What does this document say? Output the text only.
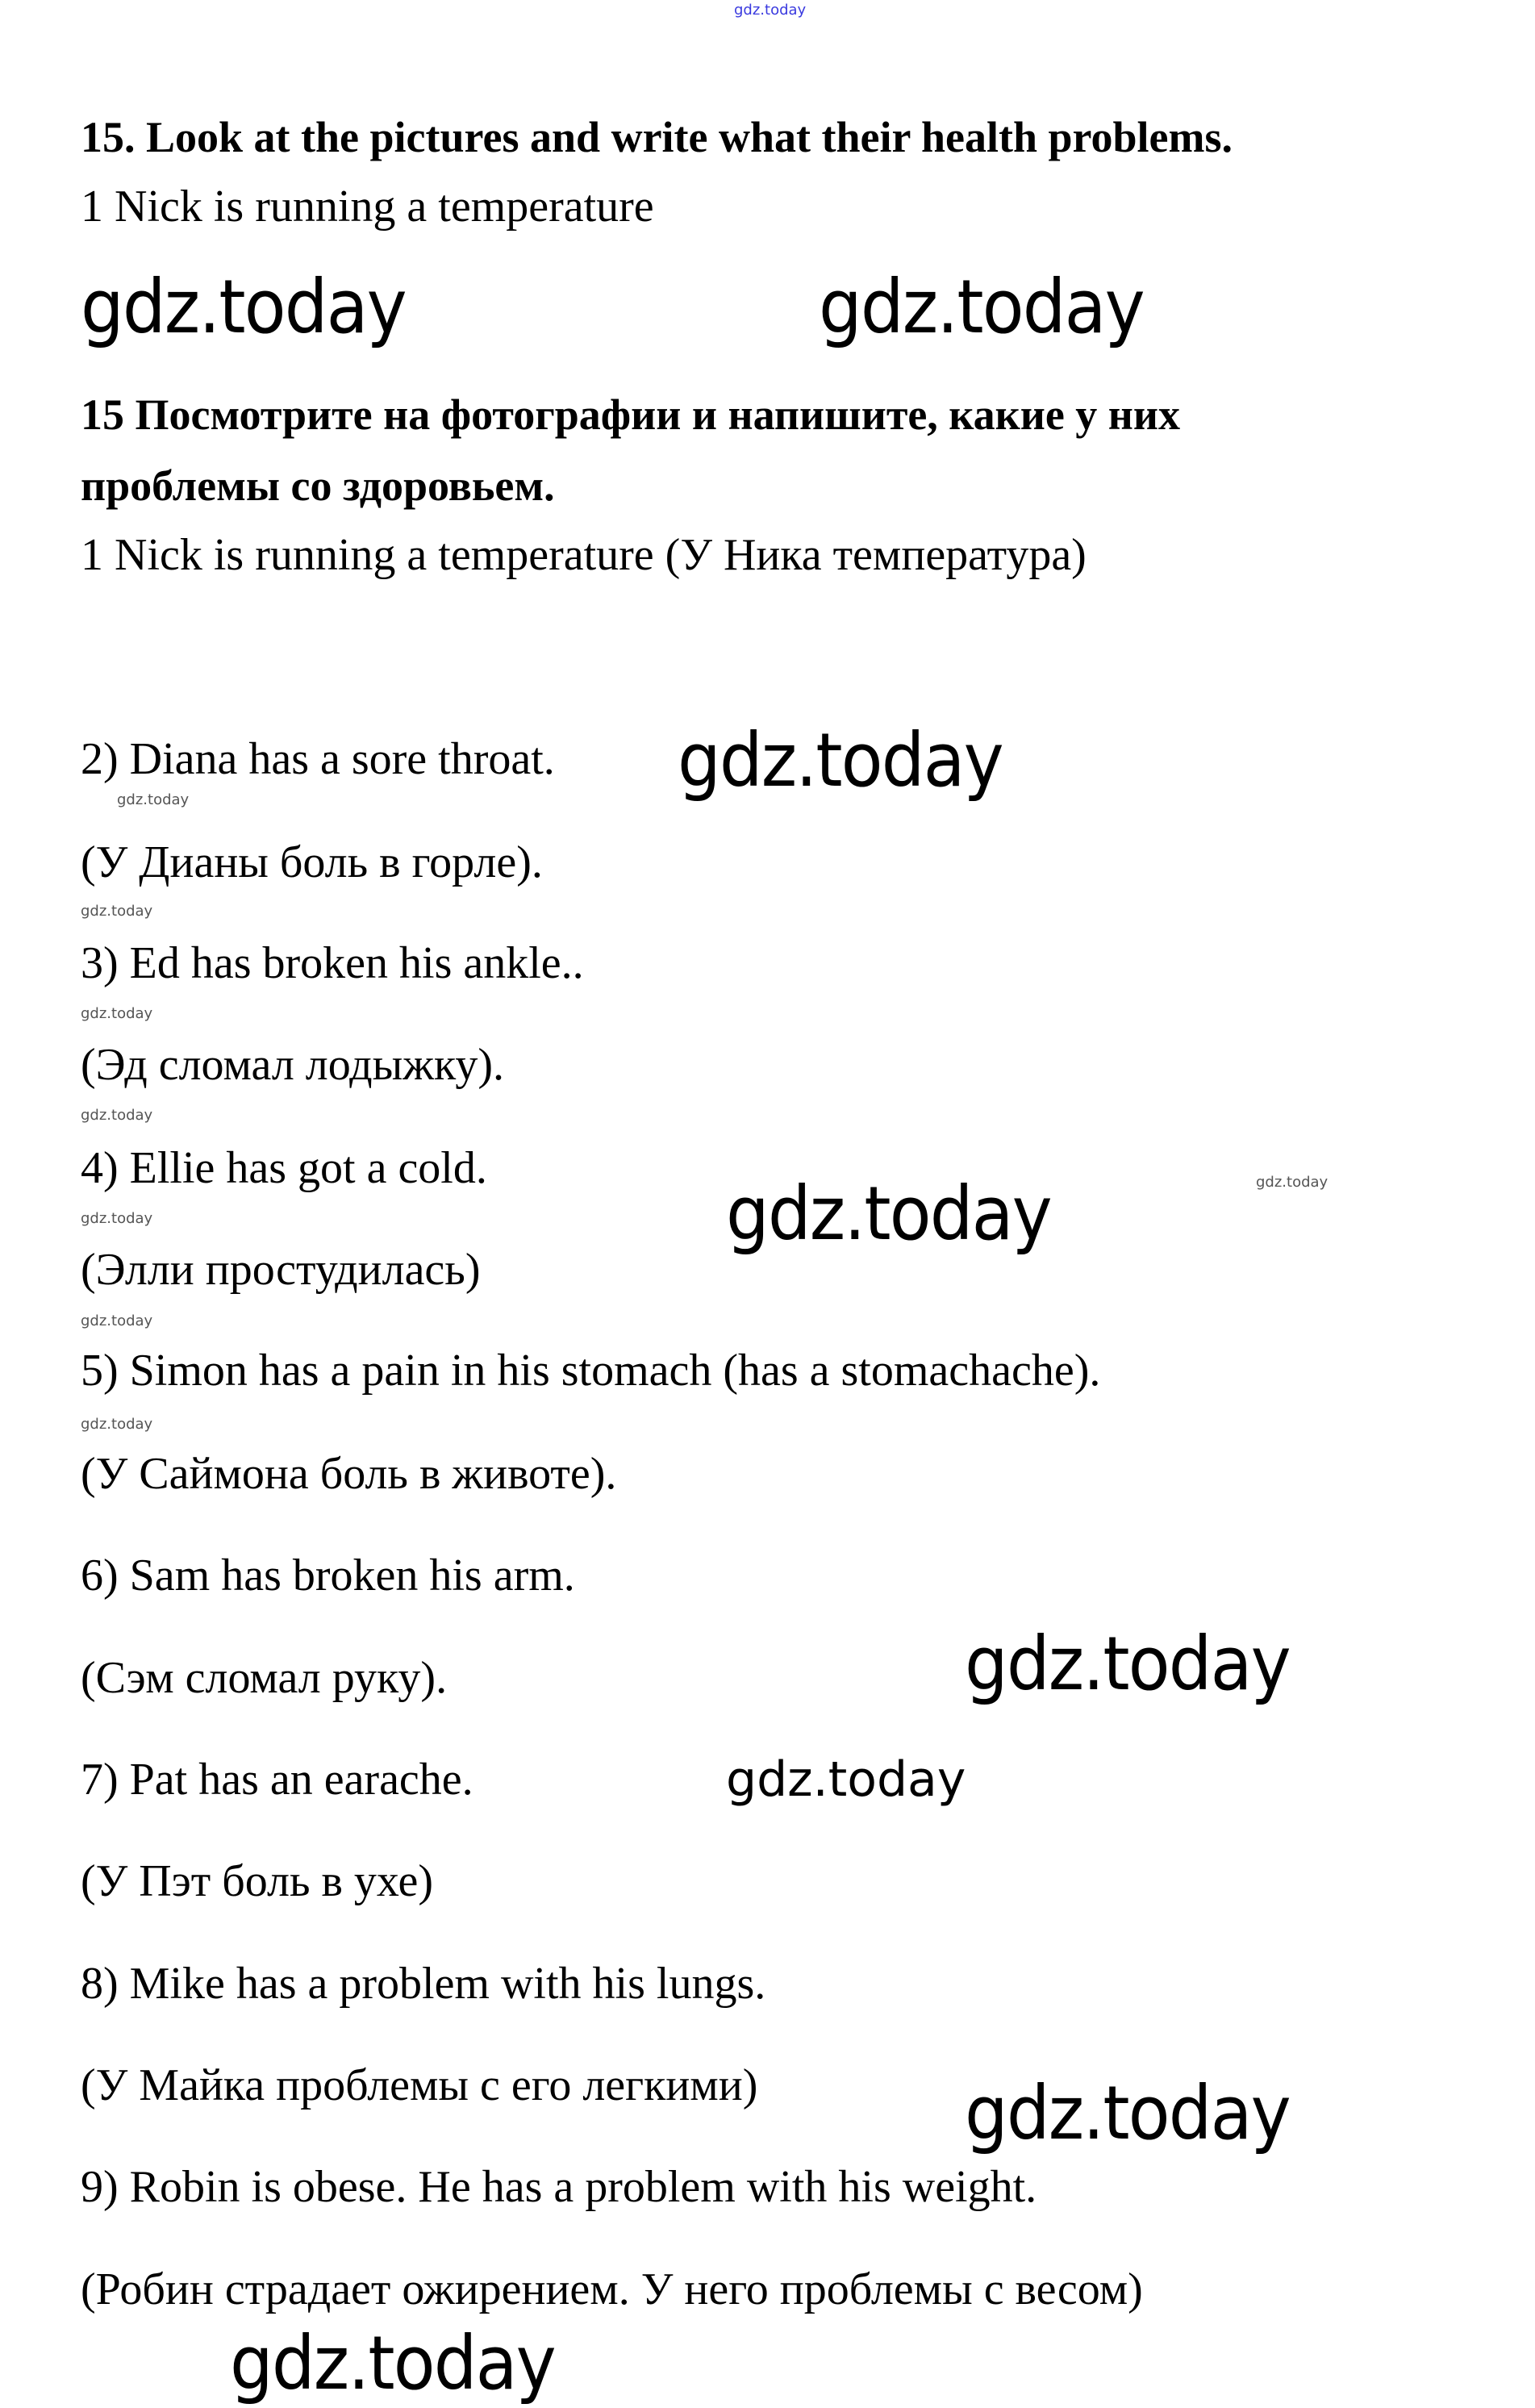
gdz.today
15. Look at the pictures and write what their health problems.
1 Nick is running a temperature
gdz.today	gdz.today
15 Посмотрите на фотографии и напишите, какие у них
проблемы со здоровьем.
1 Nick is running a temperature (У Ника температура)
2) Diana has a sore throat. gdz.today
gdz.today
(У Дианы боль в горле).
gdz.today
3) Ed has broken his ankle..
gdz.today
(Эд сломал лодыжку).
gdz.today
4) Ellie has got a cold.
gdz.today	gdz.today
gdz.today
(Элли простудилась)
gdz.today
5) Simon has a pain in his stomach (has a stomachache).
gdz.today
(У Саймона боль в животе).
6) Sam has broken his arm.
(Сэм сломал руку).	gdz.today
gdz.today
7) Pat has an earache.
(У Пэт боль в ухе)
8) Mike has a problem with his lungs.
(У Майка проблемы с его легкими)	gdz.today
9) Robin is obese. He has a problem with his weight.
(Робин страдает ожирением. У него проблемы с весом)
gdz.today
